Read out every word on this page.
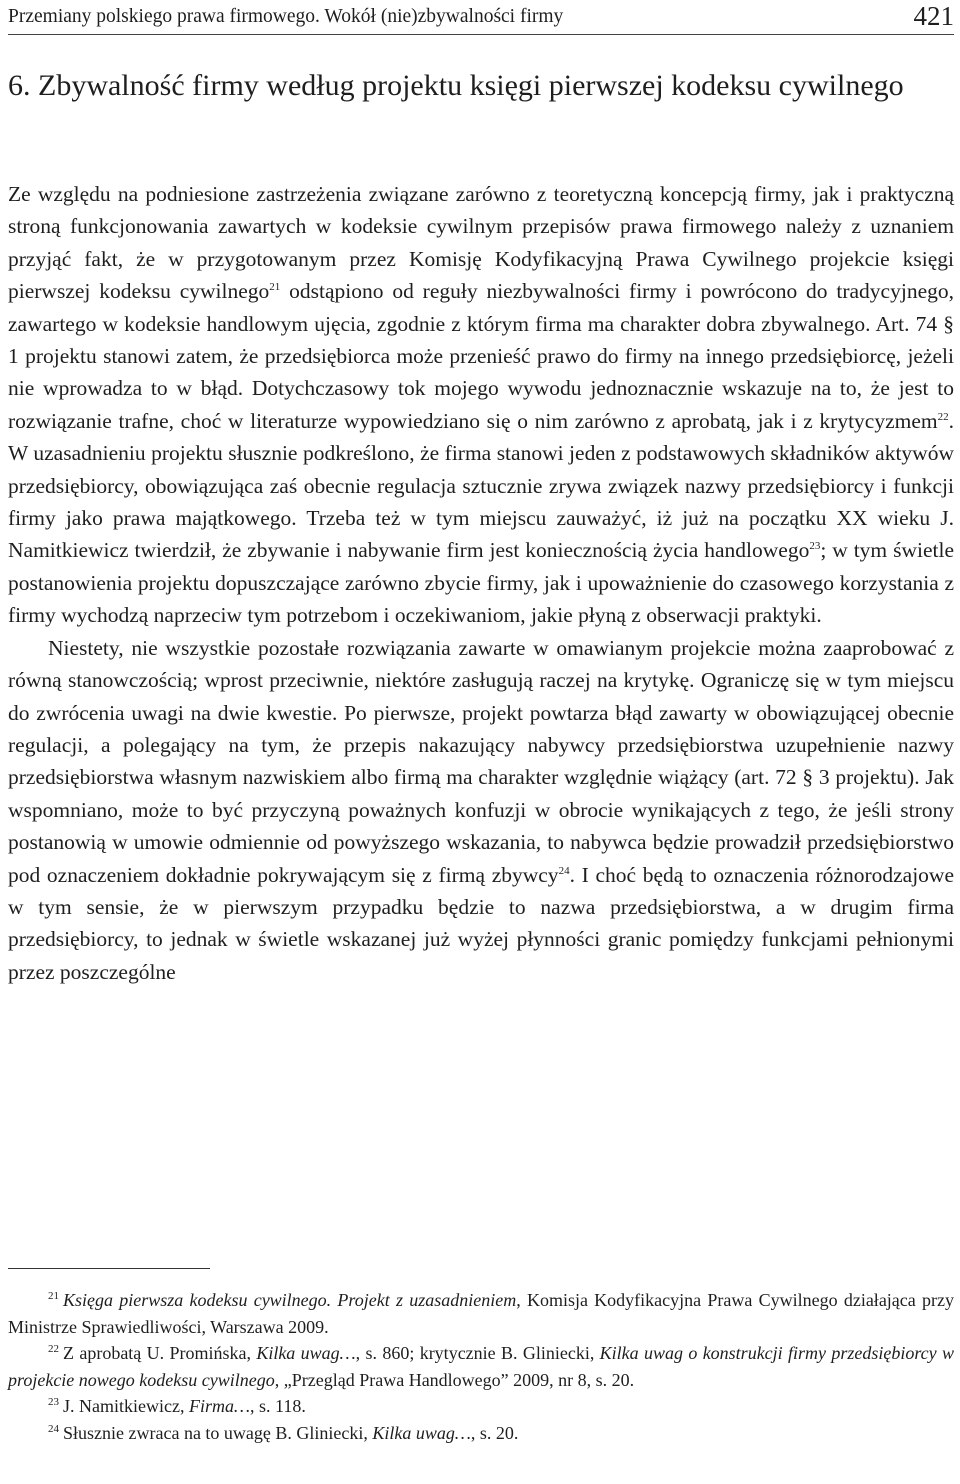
Przemiany polskiego prawa firmowego. Wokół (nie)zbywalności firmy	421
6. Zbywalność firmy według projektu księgi pierwszej kodeksu cywilnego

Ze względu na podniesione zastrzeżenia związane zarówno z teoretyczną koncepcją firmy, jak i praktyczną stroną funkcjonowania zawartych w kodeksie cywilnym przepisów prawa firmowego należy z uznaniem przyjąć fakt, że w przygotowanym przez Komisję Kodyfikacyjną Prawa Cywilnego projekcie księgi pierwszej kodeksu cywilnego$^{21}$ odstąpiono od reguły niezbywalności firmy i powrócono do tradycyjnego, zawartego w kodeksie handlowym ujęcia, zgodnie z którym firma ma charakter dobra zbywalnego. Art. 74 § 1 projektu stanowi zatem, że przedsiębiorca może przenieść prawo do firmy na innego przedsiębiorcę, jeżeli nie wprowadza to w błąd. Dotychczasowy tok mojego wywodu jednoznacznie wskazuje na to, że jest to rozwiązanie trafne, choć w literaturze wypowiedziano się o nim zarówno z aprobatą, jak i z krytycyzmem$^{22}$. W uzasadnieniu projektu słusznie podkreślono, że firma stanowi jeden z podstawowych składników aktywów przedsiębiorcy, obowiązująca zaś obecnie regulacja sztucznie zrywa związek nazwy przedsiębiorcy i funkcji firmy jako prawa majątkowego. Trzeba też w tym miejscu zauważyć, iż już na początku XX wieku J. Namitkiewicz twierdził, że zbywanie i nabywanie firm jest koniecznością życia handlowego$^{23}$; w tym świetle postanowienia projektu dopuszczające zarówno zbycie firmy, jak i upoważnienie do czasowego korzystania z firmy wychodzą naprzeciw tym potrzebom i oczekiwaniom, jakie płyną z obserwacji praktyki.

Niestety, nie wszystkie pozostałe rozwiązania zawarte w omawianym projekcie można zaaprobować z równą stanowczością; wprost przeciwnie, niektóre zasługują raczej na krytykę. Ograniczę się w tym miejscu do zwrócenia uwagi na dwie kwestie. Po pierwsze, projekt powtarza błąd zawarty w obowiązującej obecnie regulacji, a polegający na tym, że przepis nakazujący nabywcy przedsiębiorstwa uzupełnienie nazwy przedsiębiorstwa własnym nazwiskiem albo firmą ma charakter względnie wiążący (art. 72 § 3 projektu). Jak wspomniano, może to być przyczyną poważnych konfuzji w obrocie wynikających z tego, że jeśli strony postanowią w umowie odmiennie od powyższego wskazania, to nabywca będzie prowadził przedsiębiorstwo pod oznaczeniem dokładnie pokrywającym się z firmą zbywcy$^{24}$. I choć będą to oznaczenia różnorodzajowe w tym sensie, że w pierwszym przypadku będzie to nazwa przedsiębiorstwa, a w drugim firma przedsiębiorcy, to jednak w świetle wskazanej już wyżej płynności granic pomiędzy funkcjami pełnionymi przez poszczególne

$^{21}$ Księga pierwsza kodeksu cywilnego. Projekt z uzasadnieniem, Komisja Kodyfikacyjna Prawa Cywilnego działająca przy Ministrze Sprawiedliwości, Warszawa 2009.

$^{22}$ Z aprobatą U. Promińska, Kilka uwag…, s. 860; krytycznie B. Gliniecki, Kilka uwag o konstrukcji firmy przedsiębiorcy w projekcie nowego kodeksu cywilnego, „Przegląd Prawa Handlowego” 2009, nr 8, s. 20.

$^{23}$ J. Namitkiewicz, Firma…, s. 118.

$^{24}$ Słusznie zwraca na to uwagę B. Gliniecki, Kilka uwag…, s. 20.
